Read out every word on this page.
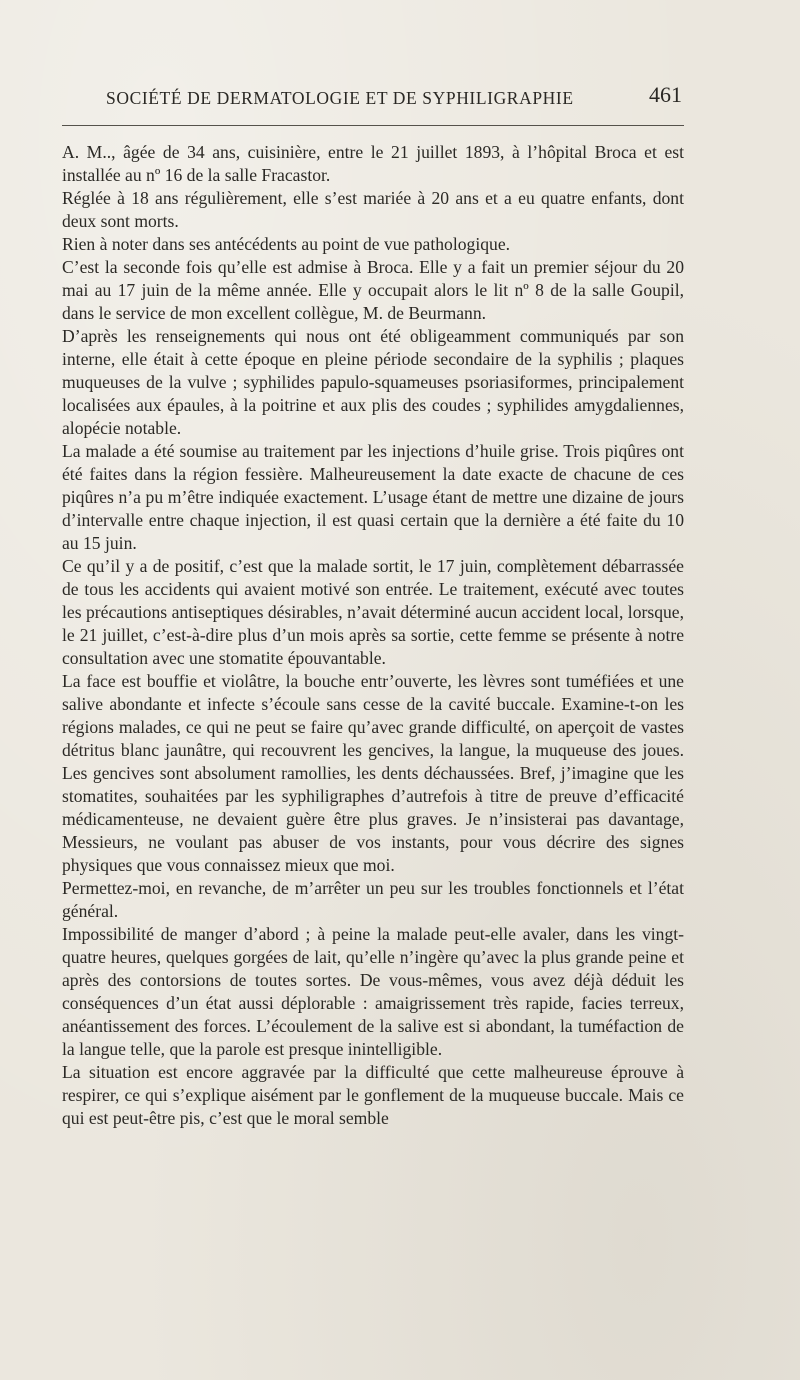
SOCIÉTÉ DE DERMATOLOGIE ET DE SYPHILIGRAPHIE	461

A. M.., âgée de 34 ans, cuisinière, entre le 21 juillet 1893, à l’hôpital Broca et est installée au nº 16 de la salle Fracastor.

Réglée à 18 ans régulièrement, elle s’est mariée à 20 ans et a eu quatre enfants, dont deux sont morts.

Rien à noter dans ses antécédents au point de vue pathologique.

C’est la seconde fois qu’elle est admise à Broca. Elle y a fait un premier séjour du 20 mai au 17 juin de la même année. Elle y occupait alors le lit nº 8 de la salle Goupil, dans le service de mon excellent collègue, M. de Beurmann.

D’après les renseignements qui nous ont été obligeamment communiqués par son interne, elle était à cette époque en pleine période secondaire de la syphilis ; plaques muqueuses de la vulve ; syphilides papulo-squameuses psoriasiformes, principalement localisées aux épaules, à la poitrine et aux plis des coudes ; syphilides amygdaliennes, alopécie notable.

La malade a été soumise au traitement par les injections d’huile grise. Trois piqûres ont été faites dans la région fessière. Malheureusement la date exacte de chacune de ces piqûres n’a pu m’être indiquée exactement. L’usage étant de mettre une dizaine de jours d’intervalle entre chaque injection, il est quasi certain que la dernière a été faite du 10 au 15 juin.

Ce qu’il y a de positif, c’est que la malade sortit, le 17 juin, complètement débarrassée de tous les accidents qui avaient motivé son entrée. Le traitement, exécuté avec toutes les précautions antiseptiques désirables, n’avait déterminé aucun accident local, lorsque, le 21 juillet, c’est-à-dire plus d’un mois après sa sortie, cette femme se présente à notre consultation avec une stomatite épouvantable.

La face est bouffie et violâtre, la bouche entr’ouverte, les lèvres sont tuméfiées et une salive abondante et infecte s’écoule sans cesse de la cavité buccale. Examine-t-on les régions malades, ce qui ne peut se faire qu’avec grande difficulté, on aperçoit de vastes détritus blanc jaunâtre, qui recouvrent les gencives, la langue, la muqueuse des joues. Les gencives sont absolument ramollies, les dents déchaussées. Bref, j’imagine que les stomatites, souhaitées par les syphiligraphes d’autrefois à titre de preuve d’efficacité médicamenteuse, ne devaient guère être plus graves. Je n’insisterai pas davantage, Messieurs, ne voulant pas abuser de vos instants, pour vous décrire des signes physiques que vous connaissez mieux que moi.

Permettez-moi, en revanche, de m’arrêter un peu sur les troubles fonctionnels et l’état général.

Impossibilité de manger d’abord ; à peine la malade peut-elle avaler, dans les vingt-quatre heures, quelques gorgées de lait, qu’elle n’ingère qu’avec la plus grande peine et après des contorsions de toutes sortes. De vous-mêmes, vous avez déjà déduit les conséquences d’un état aussi déplorable : amaigrissement très rapide, facies terreux, anéantissement des forces. L’écoulement de la salive est si abondant, la tuméfaction de la langue telle, que la parole est presque inintelligible.

La situation est encore aggravée par la difficulté que cette malheureuse éprouve à respirer, ce qui s’explique aisément par le gonflement de la muqueuse buccale. Mais ce qui est peut-être pis, c’est que le moral semble
